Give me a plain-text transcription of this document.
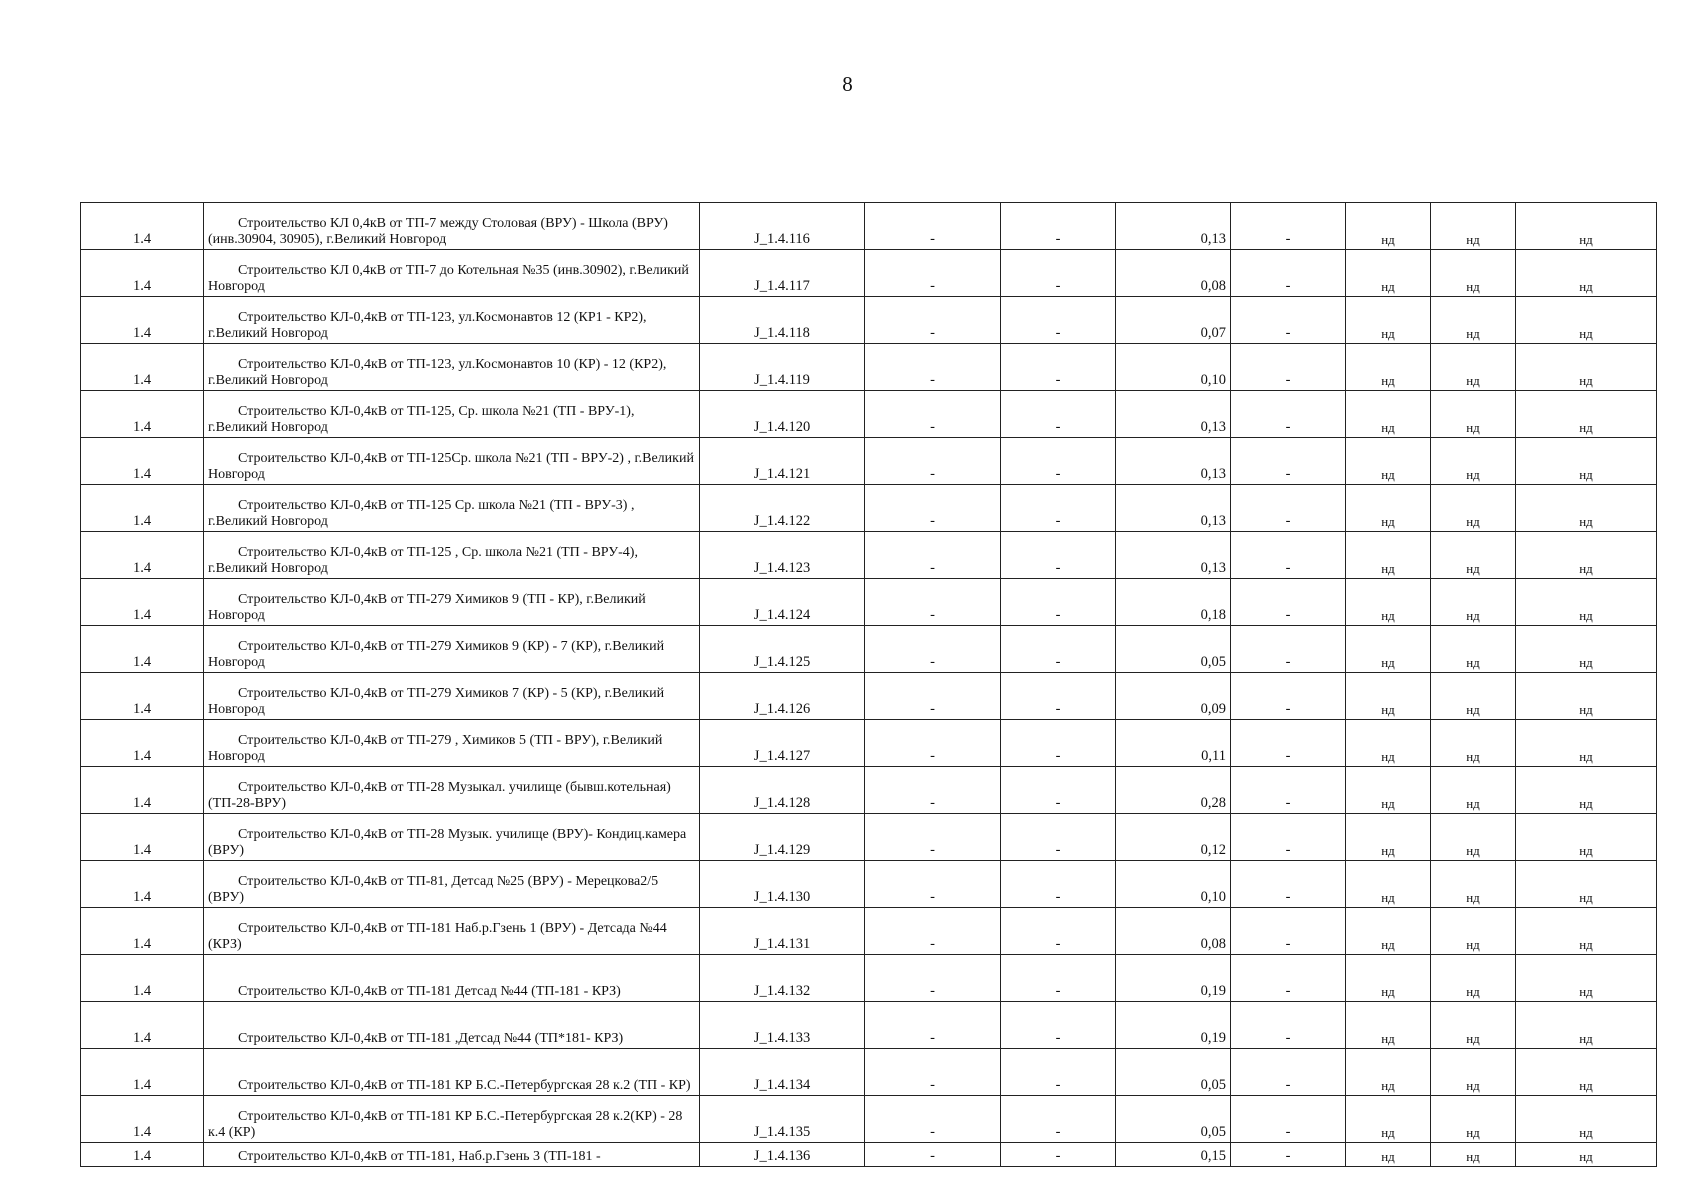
8
1.4	Строительство КЛ 0,4кВ от ТП-7 между Столовая (ВРУ) - Школа (ВРУ) (инв.30904, 30905), г.Великий Новгород	J_1.4.116	-	-	0,13	-	нд	нд	нд
1.4	Строительство КЛ 0,4кВ от ТП-7 до Котельная №35 (инв.30902), г.Великий Новгород	J_1.4.117	-	-	0,08	-	нд	нд	нд
1.4	Строительство КЛ-0,4кВ от ТП-123, ул.Космонавтов 12 (КР1 - КР2), г.Великий Новгород	J_1.4.118	-	-	0,07	-	нд	нд	нд
1.4	Строительство КЛ-0,4кВ от ТП-123, ул.Космонавтов 10 (КР) - 12 (КР2), г.Великий Новгород	J_1.4.119	-	-	0,10	-	нд	нд	нд
1.4	Строительство КЛ-0,4кВ от ТП-125, Ср. школа №21 (ТП - ВРУ-1), г.Великий Новгород	J_1.4.120	-	-	0,13	-	нд	нд	нд
1.4	Строительство КЛ-0,4кВ от ТП-125Ср. школа №21 (ТП - ВРУ-2) , г.Великий Новгород	J_1.4.121	-	-	0,13	-	нд	нд	нд
1.4	Строительство КЛ-0,4кВ от ТП-125 Ср. школа №21 (ТП - ВРУ-3) , г.Великий Новгород	J_1.4.122	-	-	0,13	-	нд	нд	нд
1.4	Строительство КЛ-0,4кВ от ТП-125 , Ср. школа №21 (ТП - ВРУ-4), г.Великий Новгород	J_1.4.123	-	-	0,13	-	нд	нд	нд
1.4	Строительство КЛ-0,4кВ от ТП-279 Химиков 9 (ТП - КР), г.Великий Новгород	J_1.4.124	-	-	0,18	-	нд	нд	нд
1.4	Строительство КЛ-0,4кВ от ТП-279 Химиков 9 (КР) - 7 (КР), г.Великий Новгород	J_1.4.125	-	-	0,05	-	нд	нд	нд
1.4	Строительство КЛ-0,4кВ от ТП-279 Химиков 7 (КР) - 5 (КР), г.Великий Новгород	J_1.4.126	-	-	0,09	-	нд	нд	нд
1.4	Строительство КЛ-0,4кВ от ТП-279 , Химиков 5 (ТП - ВРУ), г.Великий Новгород	J_1.4.127	-	-	0,11	-	нд	нд	нд
1.4	Строительство КЛ-0,4кВ от ТП-28 Музыкал. училище (бывш.котельная) (ТП-28-ВРУ)	J_1.4.128	-	-	0,28	-	нд	нд	нд
1.4	Строительство КЛ-0,4кВ от ТП-28 Музык. училище (ВРУ)- Кондиц.камера (ВРУ)	J_1.4.129	-	-	0,12	-	нд	нд	нд
1.4	Строительство КЛ-0,4кВ от ТП-81, Детсад №25 (ВРУ) - Мерецкова2/5 (ВРУ)	J_1.4.130	-	-	0,10	-	нд	нд	нд
1.4	Строительство КЛ-0,4кВ от ТП-181 Наб.р.Гзень 1 (ВРУ) - Детсада №44 (КРЗ)	J_1.4.131	-	-	0,08	-	нд	нд	нд
1.4	Строительство КЛ-0,4кВ от ТП-181 Детсад №44 (ТП-181 - КРЗ)	J_1.4.132	-	-	0,19	-	нд	нд	нд
1.4	Строительство КЛ-0,4кВ от ТП-181 ,Детсад №44 (ТП*181- КРЗ)	J_1.4.133	-	-	0,19	-	нд	нд	нд
1.4	Строительство КЛ-0,4кВ от ТП-181 КР Б.С.-Петербургская 28 к.2 (ТП - КР)	J_1.4.134	-	-	0,05	-	нд	нд	нд
1.4	Строительство КЛ-0,4кВ от ТП-181 КР Б.С.-Петербургская 28 к.2(КР) - 28 к.4 (КР)	J_1.4.135	-	-	0,05	-	нд	нд	нд
1.4	Строительство КЛ-0,4кВ от ТП-181, Наб.р.Гзень 3 (ТП-181 -	J_1.4.136	-	-	0,15	-	нд	нд	нд
